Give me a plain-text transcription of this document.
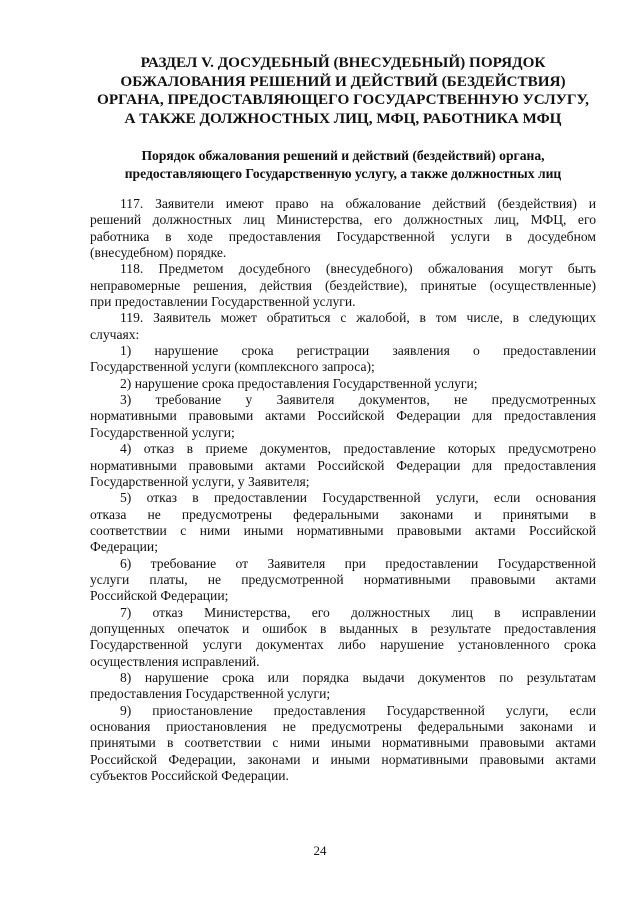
РАЗДЕЛ V. ДОСУДЕБНЫЙ (ВНЕСУДЕБНЫЙ) ПОРЯДОК
ОБЖАЛОВАНИЯ РЕШЕНИЙ И ДЕЙСТВИЙ (БЕЗДЕЙСТВИЯ)
ОРГАНА, ПРЕДОСТАВЛЯЮЩЕГО ГОСУДАРСТВЕННУЮ УСЛУГУ,
А ТАКЖЕ ДОЛЖНОСТНЫХ ЛИЦ, МФЦ, РАБОТНИКА МФЦ
Порядок обжалования решений и действий (бездействий) органа,
предоставляющего Государственную услугу, а также должностных лиц
117. Заявители имеют право на обжалование действий (бездействия) и
решений должностных лиц Министерства, его должностных лиц, МФЦ, его
работника в ходе предоставления Государственной услуги в досудебном
(внесудебном) порядке.
118. Предметом досудебного (внесудебного) обжалования могут быть
неправомерные решения, действия (бездействие), принятые (осуществленные)
при предоставлении Государственной услуги.
119. Заявитель может обратиться с жалобой, в том числе, в следующих
случаях:
1) нарушение срока регистрации заявления о предоставлении
Государственной услуги (комплексного запроса);
2) нарушение срока предоставления Государственной услуги;
3) требование у Заявителя документов, не предусмотренных
нормативными правовыми актами Российской Федерации для предоставления
Государственной услуги;
4) отказ в приеме документов, предоставление которых предусмотрено
нормативными правовыми актами Российской Федерации для предоставления
Государственной услуги, у Заявителя;
5) отказ в предоставлении Государственной услуги, если основания
отказа не предусмотрены федеральными законами и принятыми в
соответствии с ними иными нормативными правовыми актами Российской
Федерации;
6) требование от Заявителя при предоставлении Государственной
услуги платы, не предусмотренной нормативными правовыми актами
Российской Федерации;
7) отказ Министерства, его должностных лиц в исправлении
допущенных опечаток и ошибок в выданных в результате предоставления
Государственной услуги документах либо нарушение установленного срока
осуществления исправлений.
8) нарушение срока или порядка выдачи документов по результатам
предоставления Государственной услуги;
9) приостановление предоставления Государственной услуги, если
основания приостановления не предусмотрены федеральными законами и
принятыми в соответствии с ними иными нормативными правовыми актами
Российской Федерации, законами и иными нормативными правовыми актами
субъектов Российской Федерации.
24
